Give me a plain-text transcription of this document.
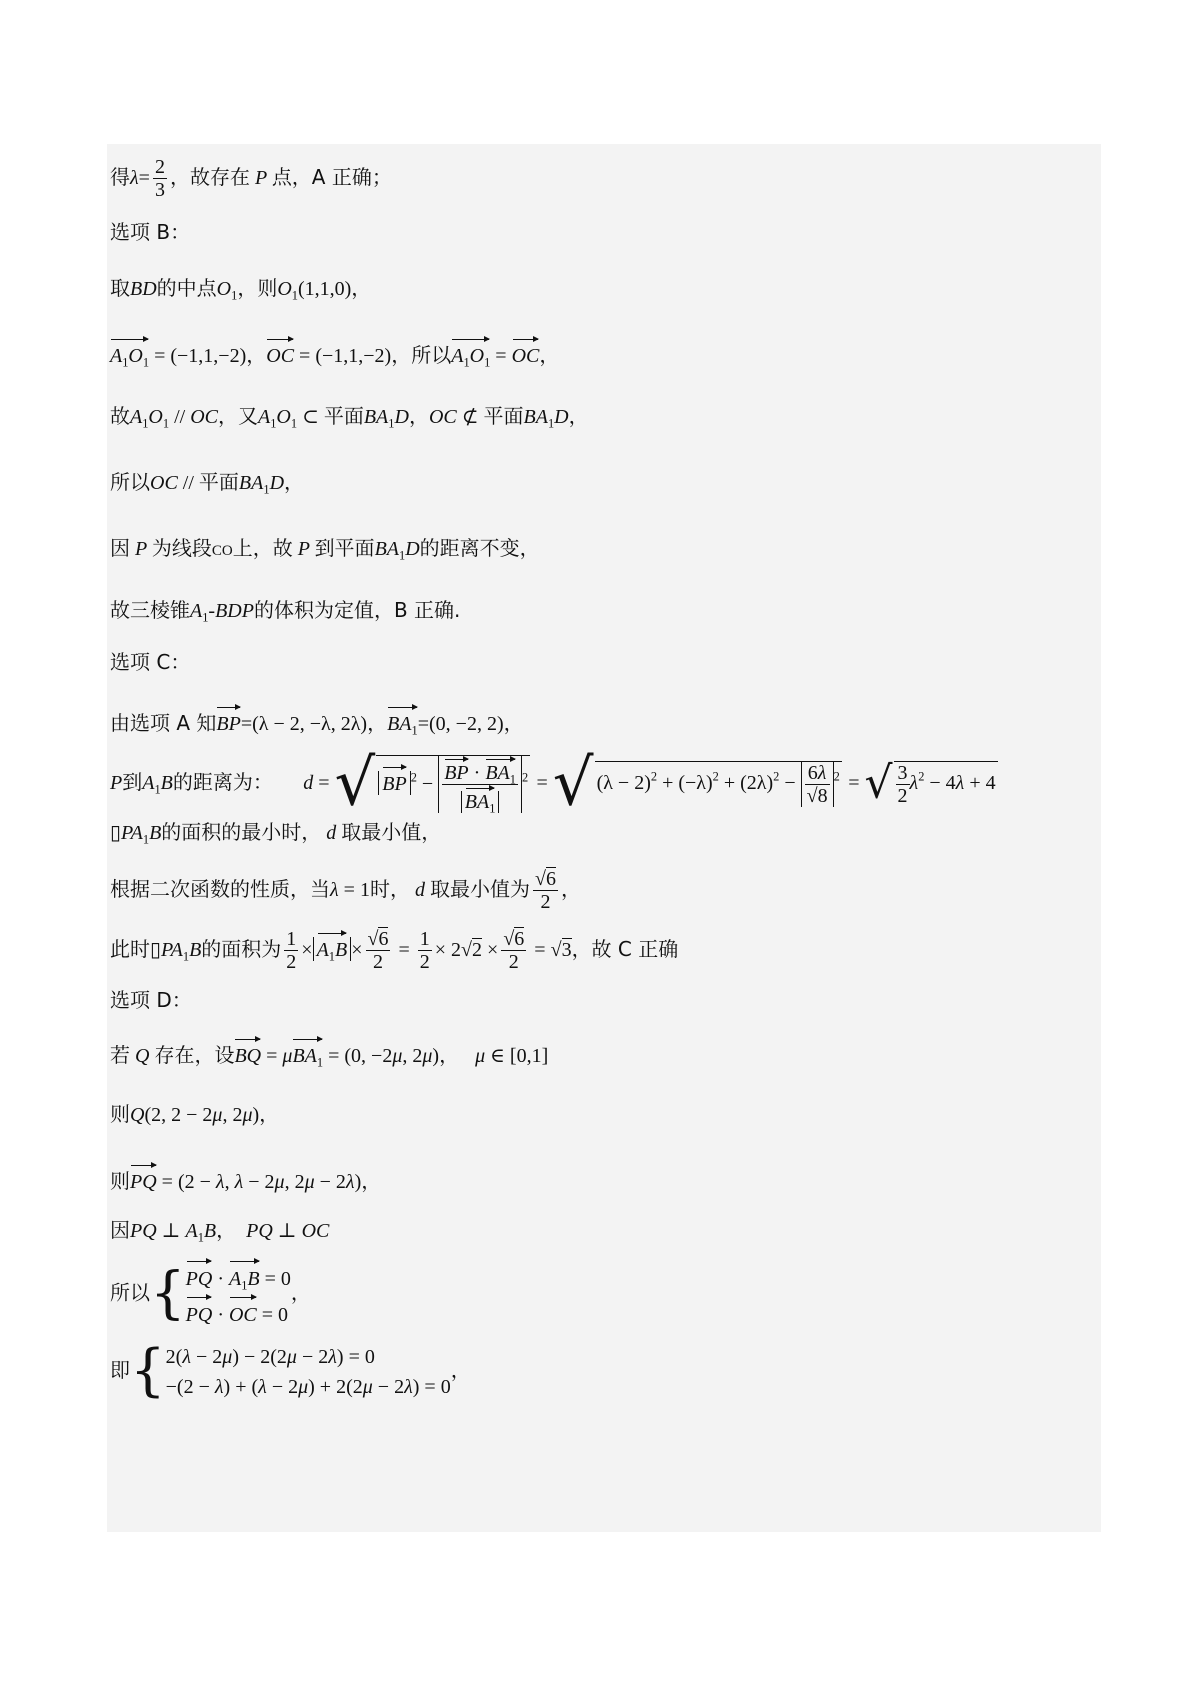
得$\lambda= \frac{2}{3}$ ，故存在 P 点，A 正确；
选项 B：
取BD的中点$O_1$，则$O_1(1,1,0)$，
$A_1O_1 = (-1,1,-2)$，OC = (−1,1,−2)，所以$A_1O_1$ = OC，
故$A_1O_1$ // OC，又$A_1O_1$ ⊂ 平面$BA_1D$，OC ⊄ 平面$BA_1D$，
所以OC // 平面$BA_1D$，
因 P 为线段CO上，故 P 到平面$BA_1D$的距离不变，
故三棱锥$A_1$-BDP的体积为定值，B 正确.
选项 C：
由选项 A 知BP=(λ − 2, −λ, 2λ)，$BA_1=(0$, −2, 2)，
P到$A_1B$的距离为： d = √ BP $^2 - \frac{BP \cdot BA_1}{BA_1} ^2$ = √ $(\lambda - 2)^2 + (-\lambda)^2 + (2\lambda)^2 - \frac{6\lambda}{√8} ^2$ = √ $\frac{3}{2} \lambda^2 - 4\lambda + 4$
$▯PA_1B$的面积的最小时， d 取最小值，
根据二次函数的性质，当λ = 1时， d 取最小值为 $\frac{√6}{2}$ ，
此时$▯PA_1B$的面积为 $\frac{1}{2} \times A_1B \times \frac{√6}{2} = \frac{1}{2} \times 2√2 \times \frac{√6}{2} = √3$，故 C 正确
选项 D：
若 Q 存在，设BQ = μBA$_1$ = (0, −2μ, 2μ)， μ ∈ [0,1]
则Q(2, 2 − 2μ, 2μ)，
则PQ = (2 − λ, λ − 2μ, 2μ − 2λ)，
因PQ ⊥ $A_1B$， PQ ⊥ OC
所以{ PQ · $A_1B = 0$
PQ · OC = 0
，
即{ 2(λ − 2μ) − 2(2μ − 2λ) = 0
−(2 − λ) + (λ − 2μ) + 2(2μ − 2λ) = 0
，
